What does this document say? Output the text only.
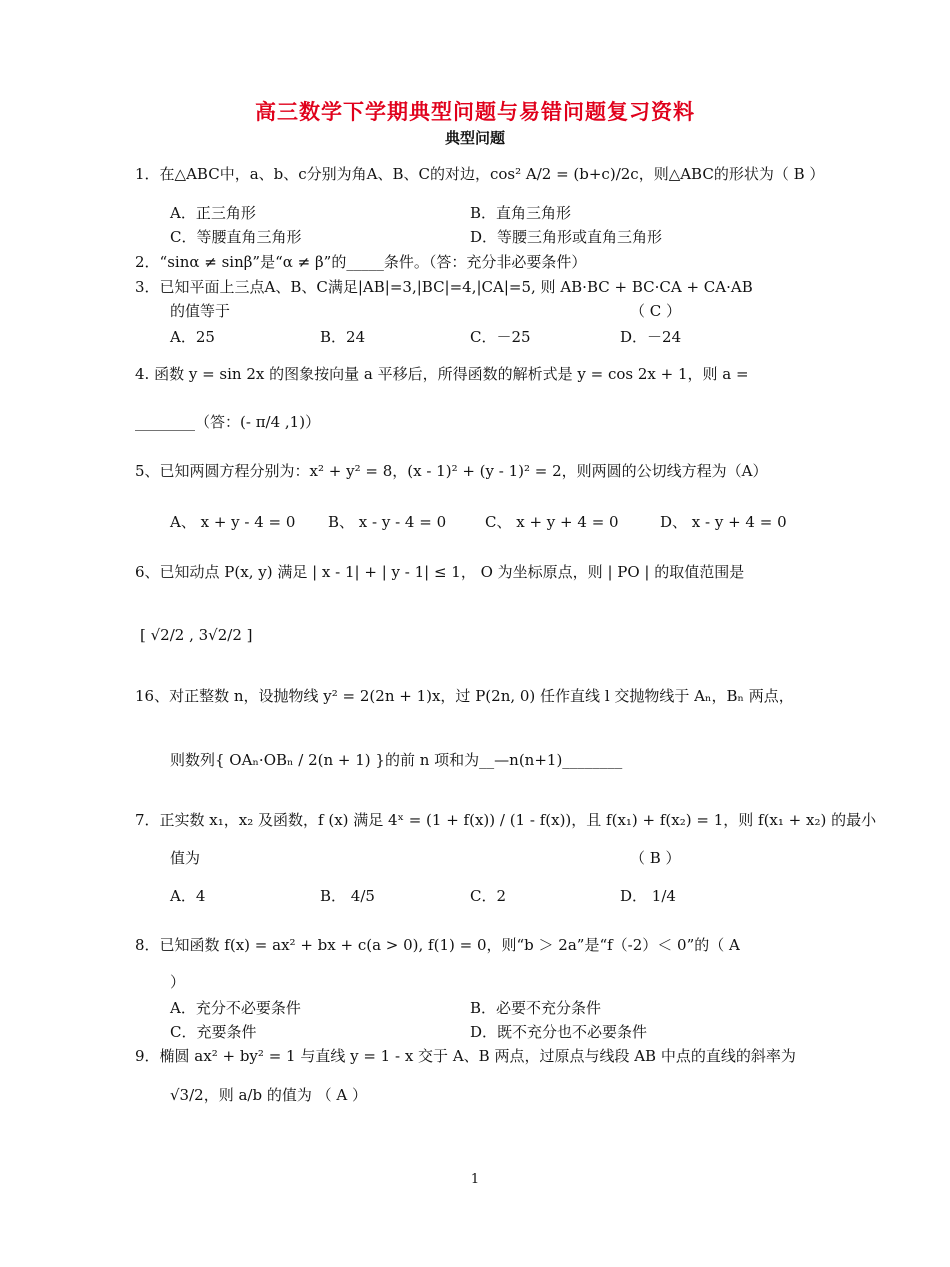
高三数学下学期典型问题与易错问题复习资料
典型问题
1．在△ABC中，a、b、c分别为角A、B、C的对边，cos² A/2 = (b+c)/2c，则△ABC的形状为（ B ）
A．正三角形	B．直角三角形
C．等腰直角三角形	D．等腰三角形或直角三角形
2．“sinα ≠ sinβ”是“α ≠ β”的_____条件。（答：充分非必要条件）
3．已知平面上三点A、B、C满足|AB|=3,|BC|=4,|CA|=5, 则 AB·BC + BC·CA + CA·AB
的值等于	（ C ）
A．25	B．24	C．－25	D．－24
4. 函数 y = sin 2x 的图象按向量 a 平移后，所得函数的解析式是 y = cos 2x + 1，则 a =
________（答：(- π/4 ,1)）
5、已知两圆方程分别为：x² + y² = 8，(x - 1)² + (y - 1)² = 2，则两圆的公切线方程为（A）
A、 x + y - 4 = 0 B、 x - y - 4 = 0	C、 x + y + 4 = 0	D、 x - y + 4 = 0
6、已知动点 P(x, y) 满足 | x - 1| + | y - 1| ≤ 1， O 为坐标原点，则 | PO | 的取值范围是
[ √2/2 , 3√2/2 ]
16、对正整数 n，设抛物线 y² = 2(2n + 1)x，过 P(2n, 0) 任作直线 l 交抛物线于 Aₙ，Bₙ 两点，
则数列{ OAₙ·OBₙ / 2(n + 1) }的前 n 项和为__—n(n+1)________
7．正实数 x₁，x₂ 及函数，f (x) 满足 4ˣ = (1 + f(x)) / (1 - f(x))，且 f(x₁) + f(x₂) = 1，则 f(x₁ + x₂) 的最小
值为	（ B ）
A．4	B． 4/5	C．2	D． 1/4
8．已知函数 f(x) = ax² + bx + c(a > 0), f(1) = 0，则“b ＞ 2a”是“f（-2）＜ 0”的（ A
）
A．充分不必要条件	B．必要不充分条件
C．充要条件	D．既不充分也不必要条件
9．椭圆 ax² + by² = 1 与直线 y = 1 - x 交于 A、B 两点，过原点与线段 AB 中点的直线的斜率为
√3/2，则 a/b 的值为 （ A ）
1
